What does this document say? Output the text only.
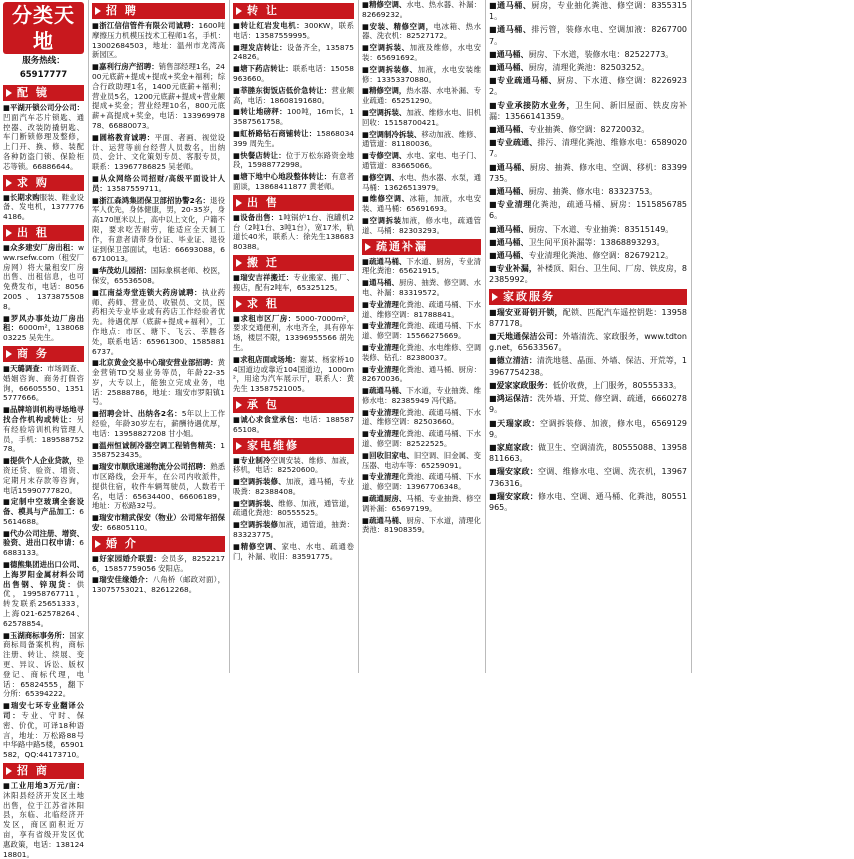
分类天地
服务热线：65917777
配 镜
■平湖开锁公司分公司：凹面汽车芯片锁匙、通控器、改装防撬钥匙、车门断锁修理及整修，上门开、换、修、装配各种防盗门锁、保险柜芯等锁。66886644。
求 购
■长期求购服装、鞋业设备、发电机，13777764186。
出 租
■众多建安厂房出租：www.rsefw.com（租安厂房网）将大量租安厂房出售、出租信息，也可免费发布，电话：80562005、13738755088。
■罗风办事处边厂房出租：6000m²，13806803225 吴先生。
商 务
■天璐调查：市场调查、婚姻咨询、商务打假咨询，66605550、13515777666。
■品牌培训机构寻场地寻找合作机构或转让：另有经验培训机构管理人员，手机：18958875278。
■提供个人企业贷款，垫资还贷、验资、增资、定期月末存款等咨询，电话15990777820。
■定制中空玻璃全套设备、模具与产品加工：65614688。
■代办公司注册、增资、验资、进出口权申请：66883133。
■德熊集团进出口公司、上海罗阳金属材料公司出售钢、锌现货：供优，19958767711，转发联系25651333，上海021-62578264、62578854。
■玉湖商标事务所：国家商标局备案机构，商标注册、转让、续展、变更、异议、诉讼、版权登记、商标代理，电话：65824555，翻下分所：65394222。
■瑞安七环专业翻译公司：专业、守时、保密、价优，可译18种语言，地址：万松路88号中华路中路5楼，65901582，QQ:44173710。
招 商
■工业用地3万元/亩：沐阳县经济开发区土地出售，位于江苏省沐阳县，东临、北临经济开发区，商区面积近万亩，享有省级开发区优惠政策，电话：13812418801。
招 聘
■浙江信信管件有限公司诚聘：1600吨摩擦压力机模压技术工程师1名，手机：13002684503，地址：温州市龙湾高新园区。
■嘉利行房产招聘：销售部经理1名，2400元底薪+提成+提成+奖金+福利；综合行政助理1名，1400元底薪+福利；营业员5名，1200元底薪+提成+营业额提成+奖金；营业经理10名，800元底薪+高提成+奖金，电话：13396997878、66880073。
■圆格教育诚聘：平面、者画、视觉设计、运营等前台经营人员数名，出纳员、会计、文化策划专员、客服专员，联系：13967786825 吴老师。
■从众网络公司招财/高级平面设计人员：13587559711。
■浙江森鸿集团保卫部招协警2名：退役军人优先，身体健康，男，20-35岁，身高170厘米以上，高中以上文化，户籍不限，要求吃苦耐劳，能适应全天制工作，有意者请带身份证、毕业证、退役证到保卫部面试，电话：66693088，66710013。
■华茂幼儿园招：国际象棋老师、校医，保安，65536508。
■江南益寿堂连锁大药房诚聘：执业药师、药师、营业员、收银员、文员，医药相关专业毕业或有药店工作经验者优先。待遇优厚（底薪+提成+福利），工作地点：市区、塘下、飞云、莘塍各处，联系电话：65961300、15858816737。
■北京黄金交易中心瑞安营业部招聘：黄金营销TD交易业务等员，年龄22-35岁，大专以上，能独立完成业务，电话：25888786，地址：瑞安市罗阳镇1号。
■招聘会计、出纳各2名：5年以上工作经验，年龄30岁左右，薪酬待遇优厚，电话：13958827208 甘小姐。
■温州恒诚制冷器空调工程销售精英：13587523435。
■瑞安市顺欣速递物流分公司招聘：熟悉市区路线，会开车，在公司内收派件，提供住宿，收件车辆驾驶员，人数若干名，电话：65634400、66606189，地址：万松路32号。
■瑞安市精武保安（物业）公司常年招保安：66805110。
婚 介
■好家园婚介联盟：会员多，82522176，15857759056 安阳店。
■瑞安佳缘婚介：八角桥（邮政对面），13075753021、82612268。
转 让
■转让红岩发电机：300KW，联系电话：13587559995。
■理发店转让：设备齐全，13587524826。
■塘下药店转让：联系电话：15058963660。
■莘塍东街饭店低价急转让：营业额高，电话：18608191680。
■转让地磅秤：100吨，16m长，13587561758。
■虹桥路钻石商铺转让：15868034399 周先生。
■快餐店转让：位于万松东路资金地段，15988772998。
■塘下地中心地段整体转让：有意者面谈，13868411877 黄老师。
出 售
■设备出售：1吨锅炉1台、泡罐机2台（2吨1台、3吨1台），宽17米，轨道长40米，联系人：徐先生13868380388。
搬 迁
■瑞安吉祥搬迁：专业搬家、搬厂、搬店，配有2吨车，65325125。
求 租
■求租市区厂房：5000-7000m²，要求交通便利，水电齐全，具有停车场，楼层不限，13396955566 胡先生。
■求租店面或场地：谢某、杨家桥104国道边或靠近104国道边，1000m²，用途为汽车展示厅，联系人：黄先生 13587521005。
承 包
■诚心求食堂承包：电话：18858765108。
家电维修
■专业制冷空调安装、维修、加液，移机，电话：82520600。
■空调拆装修、加液，通马桶，专业吸粪：82388408。
■空调拆装、维修、加液，通管道，疏通化粪池：80555525。
■空调拆装修加液，通管道，抽粪：83323775。
■精修空调、家电、水电、疏通卷门，补漏、收旧：83591775。
■精修空调、水电、热水器、补漏：82669232。
■安装、精修空调，电冰箱、热水器、洗衣机：82527172。
■空调拆装、加液及维修，水电安装：65691692。
■空调拆装修、加液，水电安装维修：13353370880。
■精修空调，热水器、水电补漏、专业疏通：65251290。
■空调拆装、加液、维修水电、旧机回收：15158700421。
■空调制冷拆装、移动加液、维修、通管道：81180036。
■专修空调、水电、家电、电子门、通管道：83665066。
■修空调、水电、热水器、水泵，通马桶：13626513979。
■维修空调、冰箱，加液，水电安装、通马桶：65691693。
■空调拆装加液，修水电，疏通管道、马桶：82303293。
疏通补漏
■疏通马桶、下水道、厨房，专业清理化粪池：65621915。
■通马桶、厨房、抽粪、修空调、水电、补漏：83319572。
■专业清理化粪池、疏通马桶、下水道、维修空调：81788841。
■专业清理化粪池、疏通马桶、下水道、修空调：15566275669。
■专业清理化粪池、水电维修、空调装修、钻孔：82380037。
■专业清理化粪池、通马桶、厨房：82670036。
■疏通马桶、下水道，专业抽粪、维修水电：82385949 冯代路。
■专业清理化粪池、疏通马桶、下水道、维修空调：82503660。
■专业清理化粪池、疏通马桶、下水道、修空调：82522525。
■回收旧家电、旧空调、旧金属、变压器、电动车等：65259091。
■专业清理化粪池、疏通马桶、下水道、修空调：13967706348。
■疏通厨房、马桶、专业抽粪、修空调补漏：65697199。
■疏通马桶、厨房、下水道，清理化粪池：81908359。
■通马桶、厨房，专业抽化粪池、修空调：83553151。
■通马桶、排污管，装修水电、空调加液：82677007。
■通马桶、厨房、下水道，装修水电：82522773。
■通马桶、厨房，清理化粪池：82503252。
■专业疏通马桶、厨房、下水道、修空调：82269232。
■专业承接防水业务，卫生间、新旧屋面、铁皮房补漏：13566141359。
■通马桶、专业抽粪、修空调：82720032。
■专业疏通、排污、清理化粪池、维修水电：65890207。
■通马桶、厨房、抽粪、修水电、空调、移机：83399735。
■通马桶、厨房、抽粪、修水电：83323753。
■专业清理化粪池，疏通马桶、厨房：15158567856。
■通马桶、厨房、下水道、专业抽粪：83515149。
■通马桶、卫生间平顶补漏等：13868893293。
■通马桶、专业清理化粪池、修空调：82679212。
■专业补漏，补楼顶、阳台、卫生间、厂房、铁皮房，82385992。
家政服务
■瑞安亚哥钥开锁，配锁、匹配汽车遥控钥匙：13958877178。
■天地通保洁公司：外墙清洗、家政服务，www.tdtong.net，65633567。
■德立清洁：清洗地毯、晶面、外墙、保洁、开荒等，13967754238。
■爱家家政服务：低价收费，上门服务，80555333。
■鸿运保洁：洗外墙、开荒、修空调、疏通，66602789。
■天瑞家政：空调拆装修、加液，修水电，65691299。
■家庭家政：做卫生、空调清洗，80555088、13958811663。
■瑞安家政：空调、维修水电、空调、洗衣机，13967736316。
■瑞安家政：修水电、空调、通马桶、化粪池，80551965。
